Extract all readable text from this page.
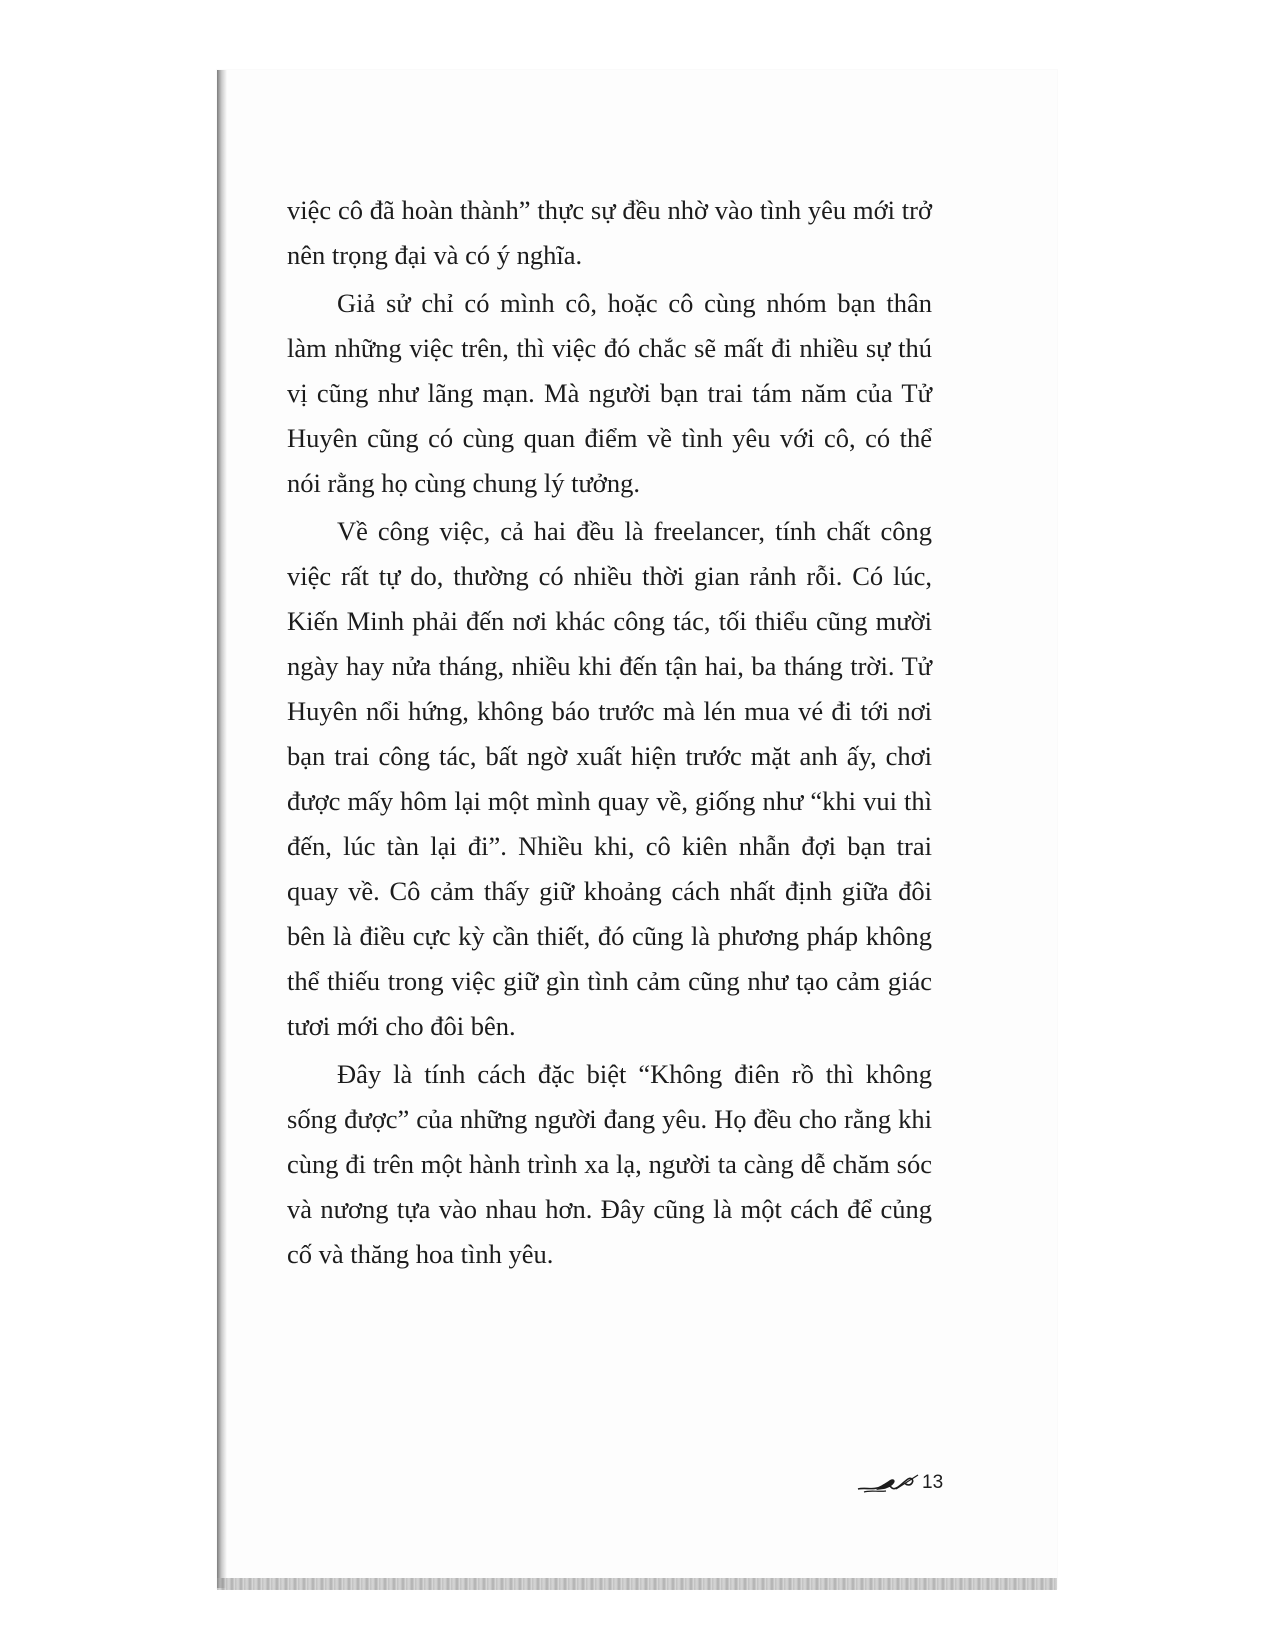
việc cô đã hoàn thành” thực sự đều nhờ vào tình yêu mới trở nên trọng đại và có ý nghĩa.

Giả sử chỉ có mình cô, hoặc cô cùng nhóm bạn thân làm những việc trên, thì việc đó chắc sẽ mất đi nhiều sự thú vị cũng như lãng mạn. Mà người bạn trai tám năm của Tử Huyên cũng có cùng quan điểm về tình yêu với cô, có thể nói rằng họ cùng chung lý tưởng.

Về công việc, cả hai đều là freelancer, tính chất công việc rất tự do, thường có nhiều thời gian rảnh rỗi. Có lúc, Kiến Minh phải đến nơi khác công tác, tối thiểu cũng mười ngày hay nửa tháng, nhiều khi đến tận hai, ba tháng trời. Tử Huyên nổi hứng, không báo trước mà lén mua vé đi tới nơi bạn trai công tác, bất ngờ xuất hiện trước mặt anh ấy, chơi được mấy hôm lại một mình quay về, giống như “khi vui thì đến, lúc tàn lại đi”. Nhiều khi, cô kiên nhẫn đợi bạn trai quay về. Cô cảm thấy giữ khoảng cách nhất định giữa đôi bên là điều cực kỳ cần thiết, đó cũng là phương pháp không thể thiếu trong việc giữ gìn tình cảm cũng như tạo cảm giác tươi mới cho đôi bên.

Đây là tính cách đặc biệt “Không điên rồ thì không sống được” của những người đang yêu. Họ đều cho rằng khi cùng đi trên một hành trình xa lạ, người ta càng dễ chăm sóc và nương tựa vào nhau hơn. Đây cũng là một cách để củng cố và thăng hoa tình yêu.

13
